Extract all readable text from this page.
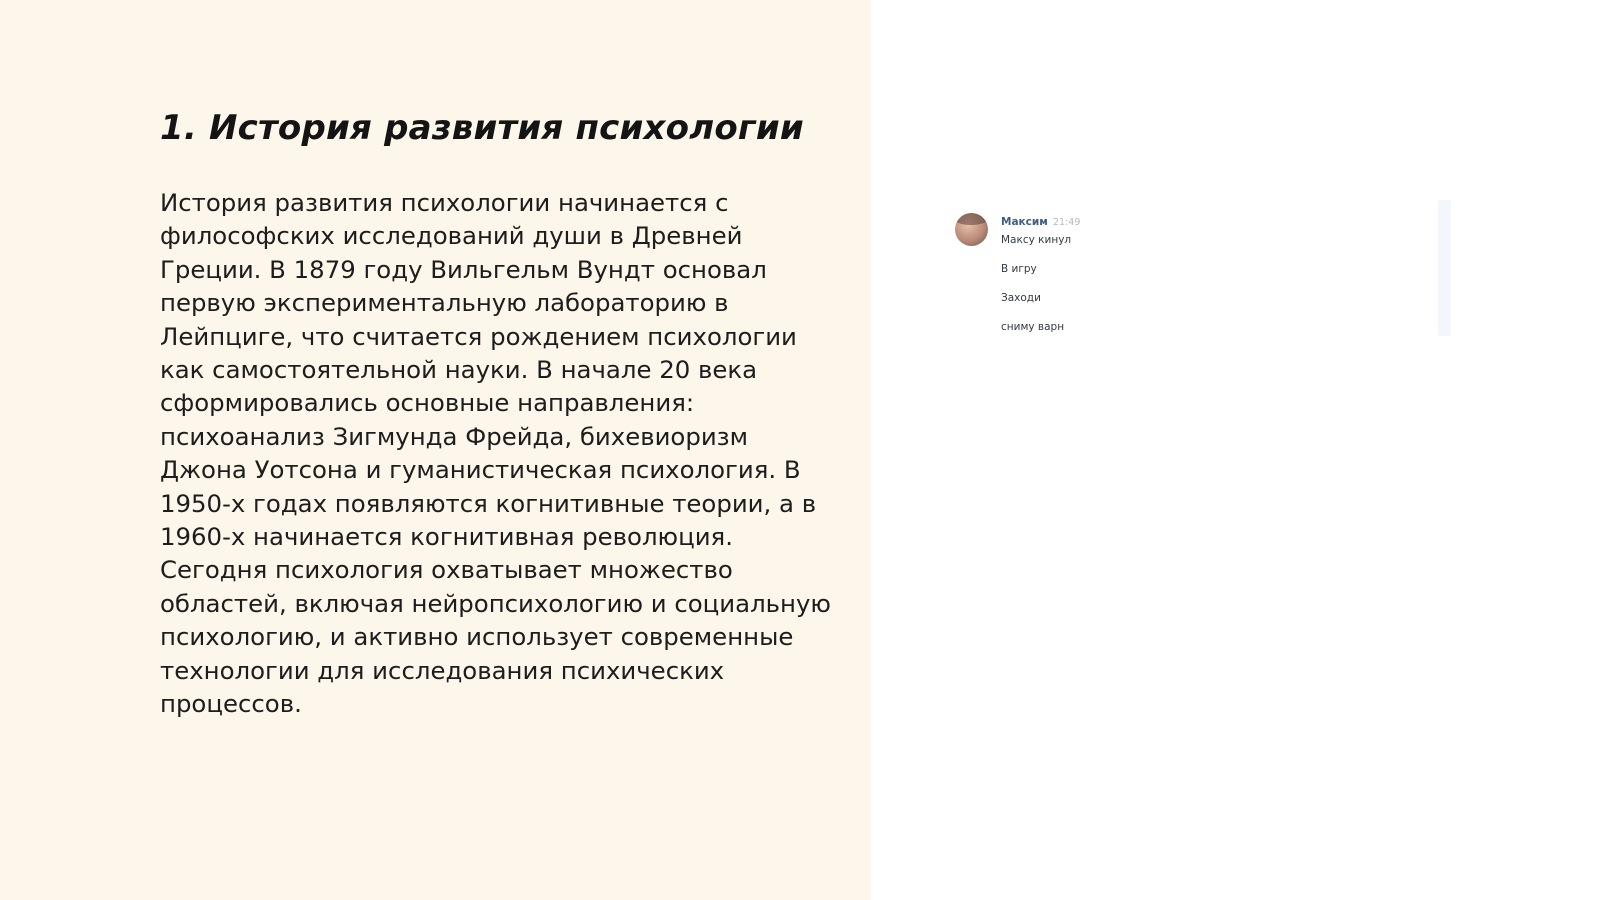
1. История развития психологии

История развития психологии начинается с философских исследований души в Древней Греции. В 1879 году Вильгельм Вундт основал первую экспериментальную лабораторию в Лейпциге, что считается рождением психологии как самостоятельной науки. В начале 20 века сформировались основные направления: психоанализ Зигмунда Фрейда, бихевиоризм Джона Уотсона и гуманистическая психология. В 1950-х годах появляются когнитивные теории, а в 1960-х начинается когнитивная революция. Сегодня психология охватывает множество областей, включая нейропсихологию и социальную психологию, и активно использует современные технологии для исследования психических процессов.

Максим 21:49
Максу кинул
В игру
Заходи
сниму варн
